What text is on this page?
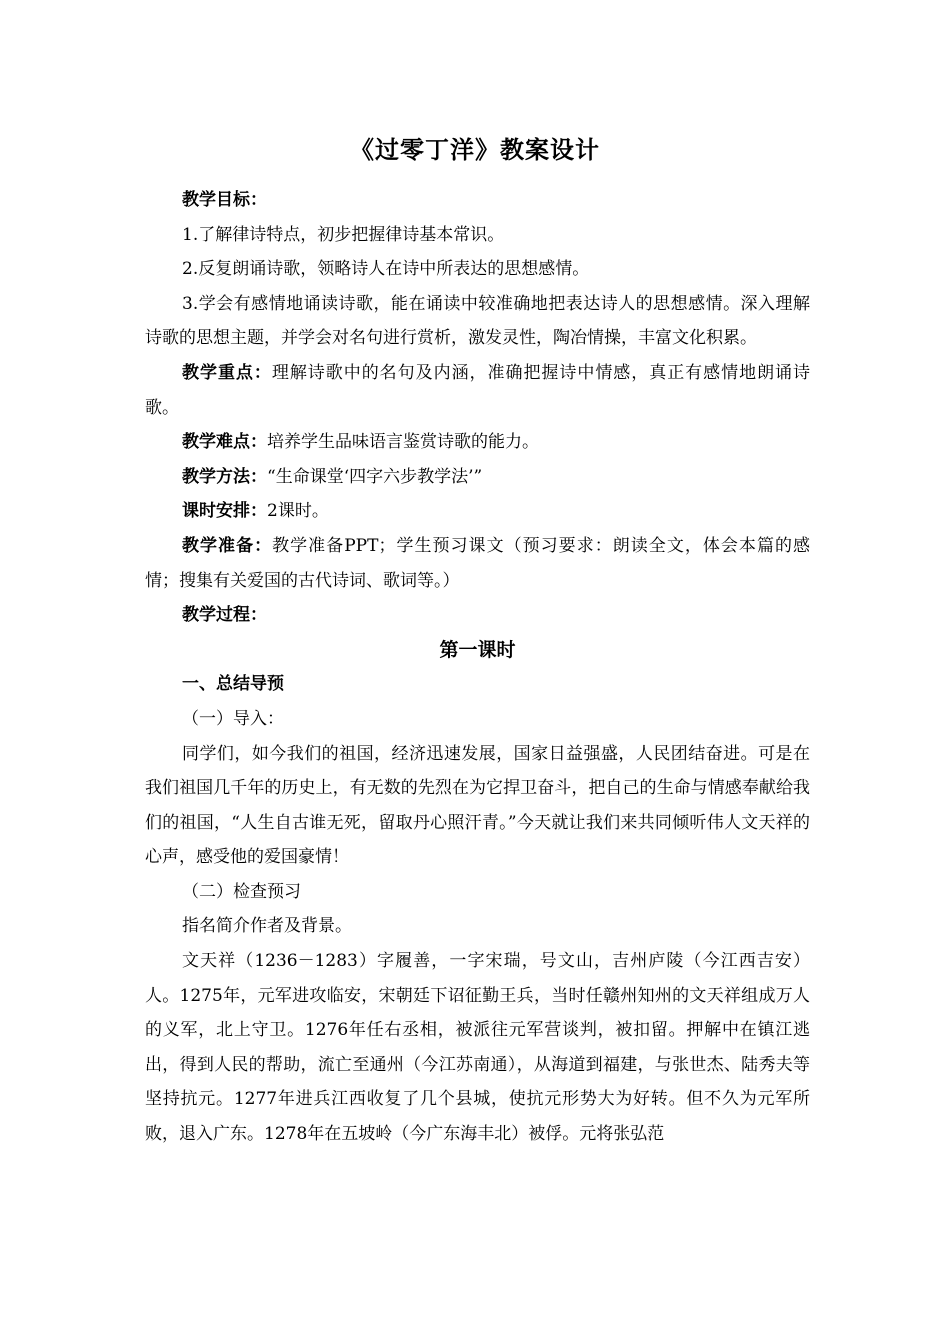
《过零丁洋》教案设计

教学目标：

1.了解律诗特点，初步把握律诗基本常识。

2.反复朗诵诗歌，领略诗人在诗中所表达的思想感情。

3.学会有感情地诵读诗歌，能在诵读中较准确地把表达诗人的思想感情。深入理解诗歌的思想主题，并学会对名句进行赏析，激发灵性，陶冶情操，丰富文化积累。

教学重点：理解诗歌中的名句及内涵，准确把握诗中情感，真正有感情地朗诵诗歌。

教学难点：培养学生品味语言鉴赏诗歌的能力。

教学方法：“生命课堂‘四字六步教学法’”

课时安排：2课时。

教学准备：教学准备PPT；学生预习课文（预习要求：朗读全文，体会本篇的感情；搜集有关爱国的古代诗词、歌词等。）

教学过程：

第一课时

一、总结导预

（一）导入：

同学们，如今我们的祖国，经济迅速发展，国家日益强盛，人民团结奋进。可是在我们祖国几千年的历史上，有无数的先烈在为它捍卫奋斗，把自己的生命与情感奉献给我们的祖国，“人生自古谁无死，留取丹心照汗青。”今天就让我们来共同倾听伟人文天祥的心声，感受他的爱国豪情！

（二）检查预习

指名简介作者及背景。

文天祥（1236－1283）字履善，一字宋瑞，号文山，吉州庐陵（今江西吉安）人。1275年，元军进攻临安，宋朝廷下诏征勤王兵，当时任赣州知州的文天祥组成万人的义军，北上守卫。1276年任右丞相，被派往元军营谈判，被扣留。押解中在镇江逃出，得到人民的帮助，流亡至通州（今江苏南通），从海道到福建，与张世杰、陆秀夫等坚持抗元。1277年进兵江西收复了几个县城，使抗元形势大为好转。但不久为元军所败，退入广东。1278年在五坡岭（今广东海丰北）被俘。元将张弘范
